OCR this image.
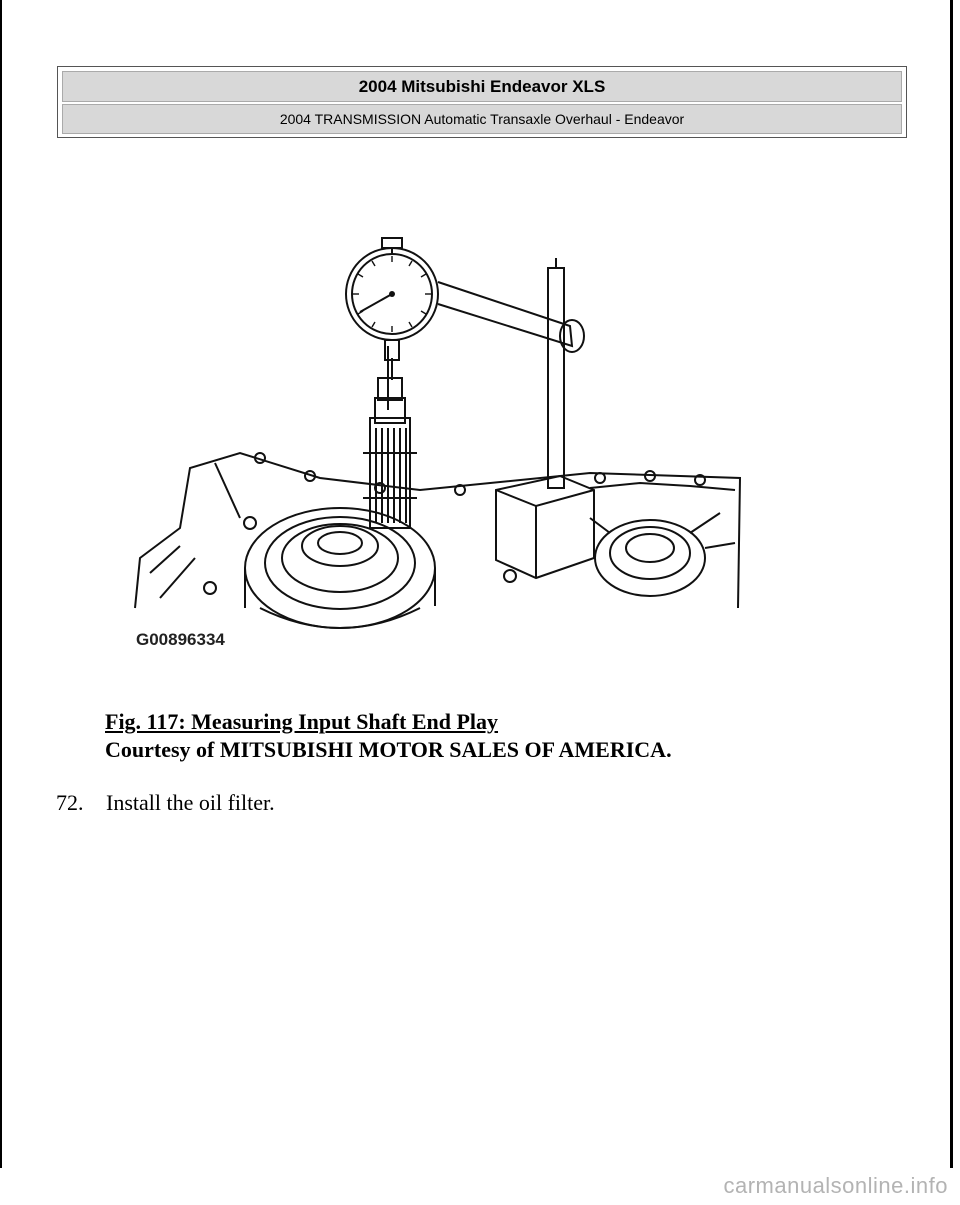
2004 Mitsubishi Endeavor XLS
2004 TRANSMISSION Automatic Transaxle Overhaul - Endeavor
G00896334
Fig. 117: Measuring Input Shaft End Play
Courtesy of MITSUBISHI MOTOR SALES OF AMERICA.
72. Install the oil filter.
carmanualsonline.info
